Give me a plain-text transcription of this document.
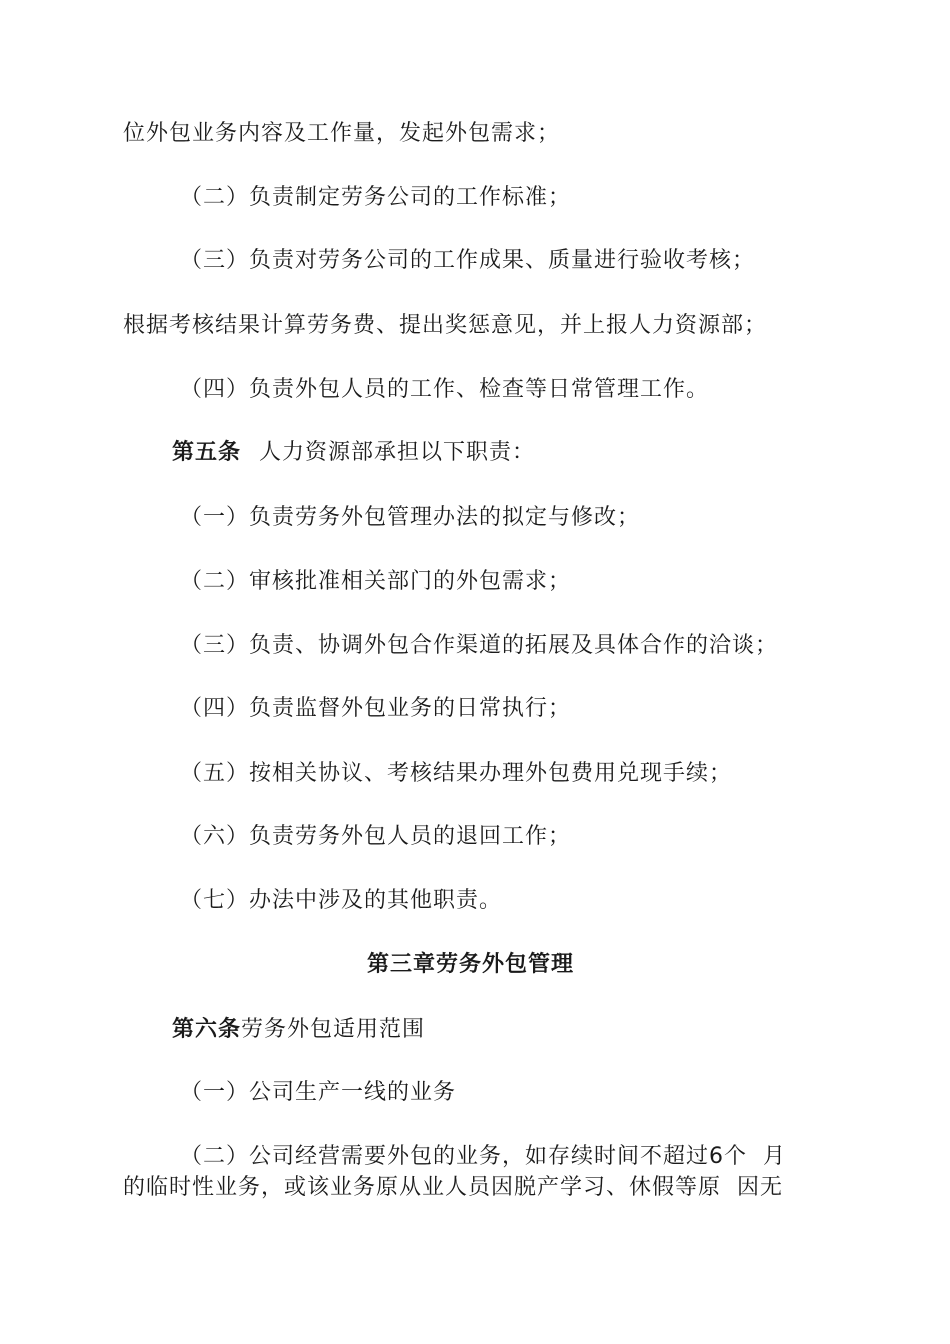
位外包业务内容及工作量，发起外包需求；

（二）负责制定劳务公司的工作标准；

（三）负责对劳务公司的工作成果、质量进行验收考核；

根据考核结果计算劳务费、提出奖惩意见，并上报人力资源部；

（四）负责外包人员的工作、检查等日常管理工作。

第五条 人力资源部承担以下职责：

（一）负责劳务外包管理办法的拟定与修改；

（二）审核批准相关部门的外包需求；

（三）负责、协调外包合作渠道的拓展及具体合作的洽谈；

（四）负责监督外包业务的日常执行；

（五）按相关协议、考核结果办理外包费用兑现手续；

（六）负责劳务外包人员的退回工作；

（七）办法中涉及的其他职责。

第三章劳务外包管理

第六条劳务外包适用范围

（一）公司生产一线的业务

（二）公司经营需要外包的业务，如存续时间不超过6个  月

的临时性业务，或该业务原从业人员因脱产学习、休假等原  因无
